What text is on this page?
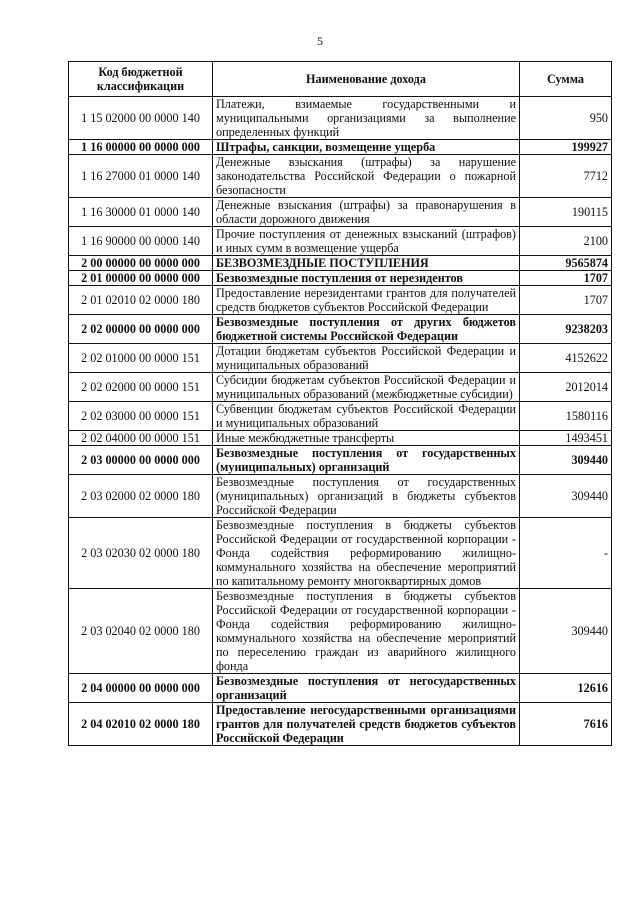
5
Код бюджетной классификации	Наименование дохода	Сумма
1 15 02000 00 0000 140	Платежи, взимаемые государственными и муниципальными организациями за выполнение определенных функций	950
1 16 00000 00 0000 000	Штрафы, санкции, возмещение ущерба	199927
1 16 27000 01 0000 140	Денежные взыскания (штрафы) за нарушение законодательства Российской Федерации о пожарной безопасности	7712
1 16 30000 01 0000 140	Денежные взыскания (штрафы) за правонарушения в области дорожного движения	190115
1 16 90000 00 0000 140	Прочие поступления от денежных взысканий (штрафов) и иных сумм в возмещение ущерба	2100
2 00 00000 00 0000 000	БЕЗВОЗМЕЗДНЫЕ ПОСТУПЛЕНИЯ	9565874
2 01 00000 00 0000 000	Безвозмездные поступления от нерезидентов	1707
2 01 02010 02 0000 180	Предоставление нерезидентами грантов для получателей средств бюджетов субъектов Российской Федерации	1707
2 02 00000 00 0000 000	Безвозмездные поступления от других бюджетов бюджетной системы Российской Федерации	9238203
2 02 01000 00 0000 151	Дотации бюджетам субъектов Российской Федерации и муниципальных образований	4152622
2 02 02000 00 0000 151	Субсидии бюджетам субъектов Российской Федерации и муниципальных образований (межбюджетные субсидии)	2012014
2 02 03000 00 0000 151	Субвенции бюджетам субъектов Российской Федерации и муниципальных образований	1580116
2 02 04000 00 0000 151	Иные межбюджетные трансферты	1493451
2 03 00000 00 0000 000	Безвозмездные поступления от государственных (муниципальных) организаций	309440
2 03 02000 02 0000 180	Безвозмездные поступления от государственных (муниципальных) организаций в бюджеты субъектов Российской Федерации	309440
2 03 02030 02 0000 180	Безвозмездные поступления в бюджеты субъектов Российской Федерации от государственной корпорации - Фонда содействия реформированию жилищно-коммунального хозяйства на обеспечение мероприятий по капитальному ремонту многоквартирных домов	-
2 03 02040 02 0000 180	Безвозмездные поступления в бюджеты субъектов Российской Федерации от государственной корпорации - Фонда содействия реформированию жилищно-коммунального хозяйства на обеспечение мероприятий по переселению граждан из аварийного жилищного фонда	309440
2 04 00000 00 0000 000	Безвозмездные поступления от негосударственных организаций	12616
2 04 02010 02 0000 180	Предоставление негосударственными организациями грантов для получателей средств бюджетов субъектов Российской Федерации	7616
